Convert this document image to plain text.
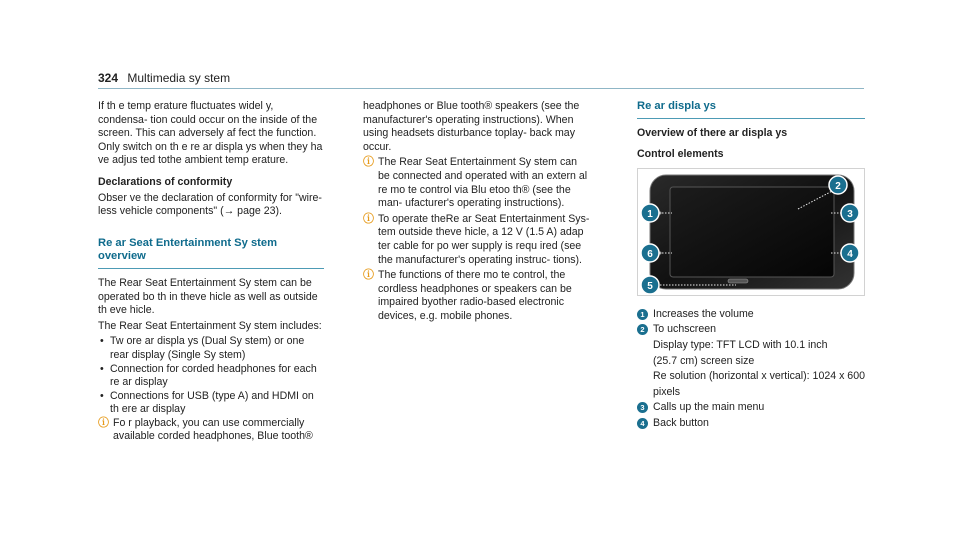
324 Multimedia sy stem

If th e temp erature fluctuates widel y, condensa‐ tion could occur on the inside of the screen. This can adversely af fect the function. Only switch on th e re ar displa ys when they ha ve adjus ted tothe ambient temp erature.

Declarations of conformity

Obser ve the declaration of conformity for "wire‐ less vehicle components" (→ page 23).

Re ar Seat Entertainment Sy stem overview

The Rear Seat Entertainment Sy stem can be operated bo th in theve hicle as well as outside th eve hicle.

The Rear Seat Entertainment Sy stem includes:

• Tw ore ar displa ys (Dual Sy stem) or one rear display (Single Sy stem)

• Connection for corded headphones for each re ar display

• Connections for USB (type A) and HDMI on th ere ar display

ⓘ Fo r playback, you can use commercially available corded headphones, Blue tooth®

headphones or Blue tooth® speakers (see the manufacturer's operating instructions). When using headsets disturbance toplay‐ back may occur.

ⓘ The Rear Seat Entertainment Sy stem can be connected and operated with an extern al re mo te control via Blu etoo th® (see the man‐ ufacturer's operating instructions).
ⓘ To operate theRe ar Seat Entertainment Sys‐ tem outside theve hicle, a 12 V (1.5 A) adap ter cable for po wer supply is requ ired (see the manufacturer's operating instruc‐ tions).
ⓘ The functions of there mo te control, the cordless headphones or speakers can be impaired byother radio-based electronic devices, e.g. mobile phones.

Re ar displa ys

Overview of there ar displa ys

Control elements

1
2
3
4
5
6
1 Increases the volume

2 To uchscreen

Display type: TFT LCD with 10.1 inch

(25.7 cm) screen size

Re solution (horizontal x vertical): 1024 x 600

pixels

3 Calls up the main menu

4 Back button
